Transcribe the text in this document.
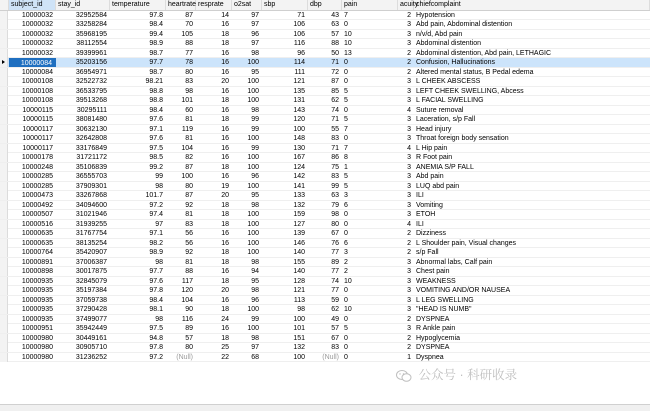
subject_id	stay_id	temperature	heartrate resprate	o2sat	sbp	dbp	pain	acuity
chiefcomplaint
10000032	32952584	97.8	87	14	97	71	43 7	2 Hypotension
10000032	33258284	98.4	70	16	97	106	63 0	3 Abd pain, Abdominal distention
10000032	35968195	99.4	105	18	96	106	57 10	3 n/v/d, Abd pain
10000032	38112554	98.9	88	18	97	116	88 10	3 Abdominal distention
10000032	39399961	98.7	77	16	98	96	50 13	2 Abdominal distention, Abd pain, LETHAGIC
10000084	35203156	97.7	78	16	100	114	71 0	2 Confusion, Hallucinations
10000084	36954971	98.7	80	16	95	111	72 0	2 Altered mental status, B Pedal edema
10000108	32522732	98.21	83	20	100	121	87 0	3 L CHEEK ABSCESS
10000108	36533795	98.8	98	16	100	135	85 5	3 LEFT CHEEK SWELLING, Abcess
10000108	39513268	98.8	101	18	100	131	62 5	3 L FACIAL SWELLING
10000115	30295111	98.4	60	16	98	143	74 0	4 Suture removal
10000115	38081480	97.6	81	18	99	120	71 5	3 Laceration, s/p Fall
10000117	30632130	97.1	119	16	99	100	55 7	3 Head injury
10000117	32642808	97.6	81	16	100	148	83 0	3 Throat foreign body sensation
10000117	33176849	97.5	104	16	99	130	71 7	4 L Hip pain
10000178	31721172	98.5	82	16	100	167	86 8	3 R Foot pain
10000248	35106839	99.2	87	18	100	124	75 1	3 ANEMIA S/P FALL
10000285	36555703	99	100	16	96	142	83 5	3 Abd pain
10000285	37909301	98	80	19	100	141	99 5	3 LUQ abd pain
10000473	33267868	101.7	87	20	95	133	63 3	3 ILI
10000492	34094600	97.2	92	18	98	132	79 6	3 Vomiting
10000507	31021946	97.4	81	18	100	159	98 0	3 ETOH
10000516	31939255	97	83	18	100	127	80 0	4 ILI
10000635	31767754	97.1	56	16	100	139	67 0	2 Dizziness
10000635	38135254	98.2	56	16	100	146	76 6	2 L Shoulder pain, Visual changes
10000764	35420907	98.9	92	18	100	140	77 3	2 s/p Fall
10000891	37006387	98	81	18	98	155	89 2	3 Abnormal labs, Calf pain
10000898	30017875	97.7	88	16	94	140	77 2	3 Chest pain
10000935	32845079	97.6	117	18	95	128	74 10	3 WEAKNESS
10000935	35197384	97.8	120	20	98	121	77 0	3 VOMITING AND/OR NAUSEA
10000935	37059738	98.4	104	16	96	113	59 0	3 L LEG SWELLING
10000935	37290428	98.1	90	18	100	98	62 10	3 "HEAD IS NUMB"
10000935	37499077	98	116	24	99	100	49 0	2 DYSPNEA
10000951	35942449	97.5	89	16	100	101	57 5	3 R Ankle pain
10000980	30449161	94.8	57	18	98	151	67 0	2 Hypoglycemia
10000980	30905710	97.8	80	25	97	132	83 0	2 DYSPNEA
10000980	31236252	97.2	(Null)	22	68	100	(Null) 0	1 Dyspnea
公众号 · 科研收录
